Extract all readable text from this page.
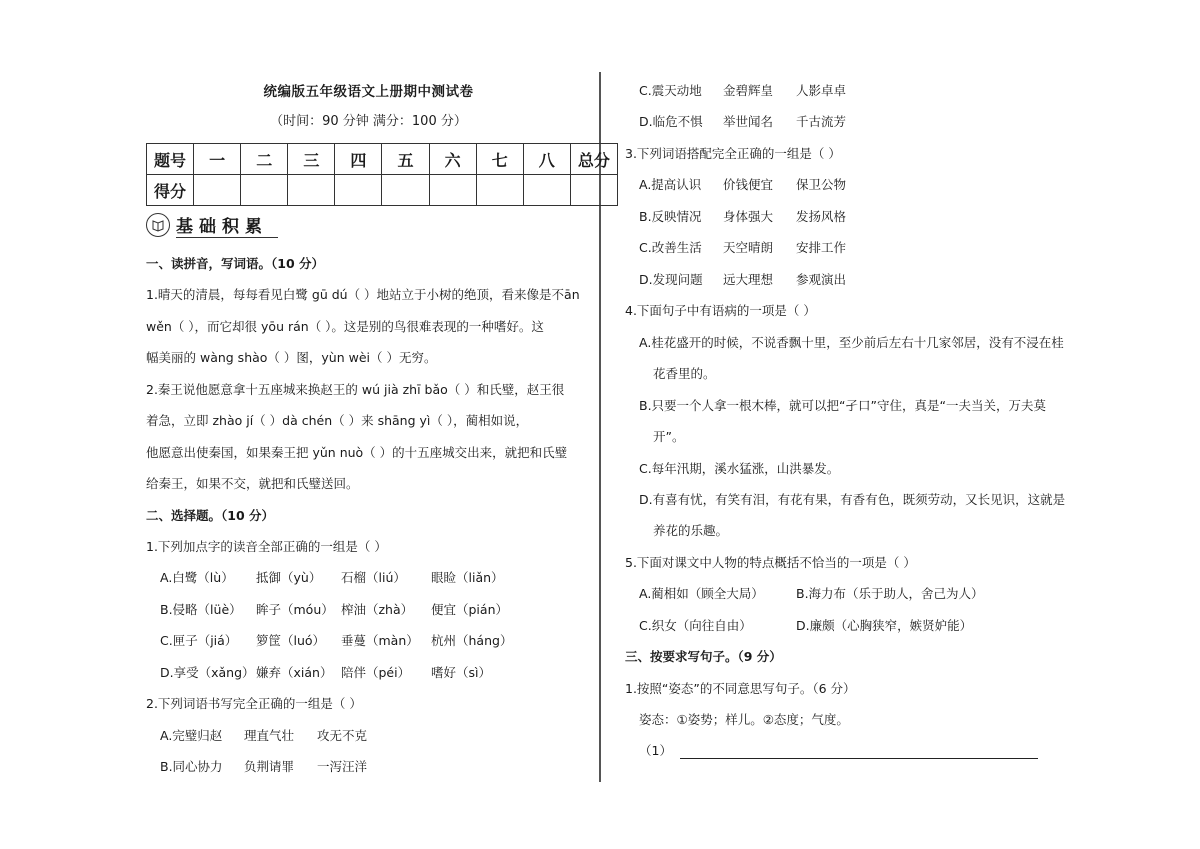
统编版五年级语文上册期中测试卷
（时间：90 分钟 满分：100 分）
题号	一	二	三	四	五	六	七	八	总分
得分									
基础积累
一、读拼音，写词语。（10 分）
1.晴天的清晨，每每看见白鹭 gū dú（ ）地站立于小树的绝顶，看来像是不ān
wěn（ ），而它却很 yōu rán（ ）。这是别的鸟很难表现的一种嗜好。这
幅美丽的 wàng shào（ ）图，yùn wèi（ ）无穷。
2.秦王说他愿意拿十五座城来换赵王的 wú jià zhī bǎo（ ）和氏璧，赵王很
着急，立即 zhào jí（ ）dà chén（ ）来 shāng yì（ ），蔺相如说，
他愿意出使秦国，如果秦王把 yǔn nuò（ ）的十五座城交出来，就把和氏璧
给秦王，如果不交，就把和氏璧送回。
二、选择题。（10 分）
1.下列加点字的读音全部正确的一组是（ ）
A.白鹭（lù） 抵御（yù） 石榴（liú） 眼睑（liǎn）
B.侵略（lüè） 眸子（móu） 榨油（zhà） 便宜（pián）
C.匣子（jiá） 箩筐（luó） 垂蔓（màn） 杭州（háng）
D.享受（xǎng） 嫌弃（xián） 陪伴（péi） 嗜好（sì）
2.下列词语书写完全正确的一组是（ ）
A.完璧归赵 理直气壮 攻无不克
B.同心协力 负荆请罪 一泻汪洋
C.震天动地 金碧辉皇 人影卓卓
D.临危不惧 举世闻名 千古流芳
3.下列词语搭配完全正确的一组是（ ）
A.提高认识 价钱便宜 保卫公物
B.反映情况 身体强大 发扬风格
C.改善生活 天空晴朗 安排工作
D.发现问题 远大理想 参观演出
4.下面句子中有语病的一项是（ ）
A.桂花盛开的时候，不说香飘十里，至少前后左右十几家邻居，没有不浸在桂
花香里的。
B.只要一个人拿一根木棒，就可以把“孑口”守住，真是“一夫当关，万夫莫
开”。
C.每年汛期，溪水猛涨，山洪暴发。
D.有喜有忧，有笑有泪，有花有果，有香有色，既须劳动，又长见识，这就是
养花的乐趣。
5.下面对课文中人物的特点概括不恰当的一项是（ ）
A.蔺相如（顾全大局）	B.海力布（乐于助人，舍己为人）
C.织女（向往自由）	D.廉颇（心胸狭窄，嫉贤妒能）
三、按要求写句子。（9 分）
1.按照“姿态”的不同意思写句子。（6 分）
姿态：①姿势；样儿。②态度；气度。
（1）
